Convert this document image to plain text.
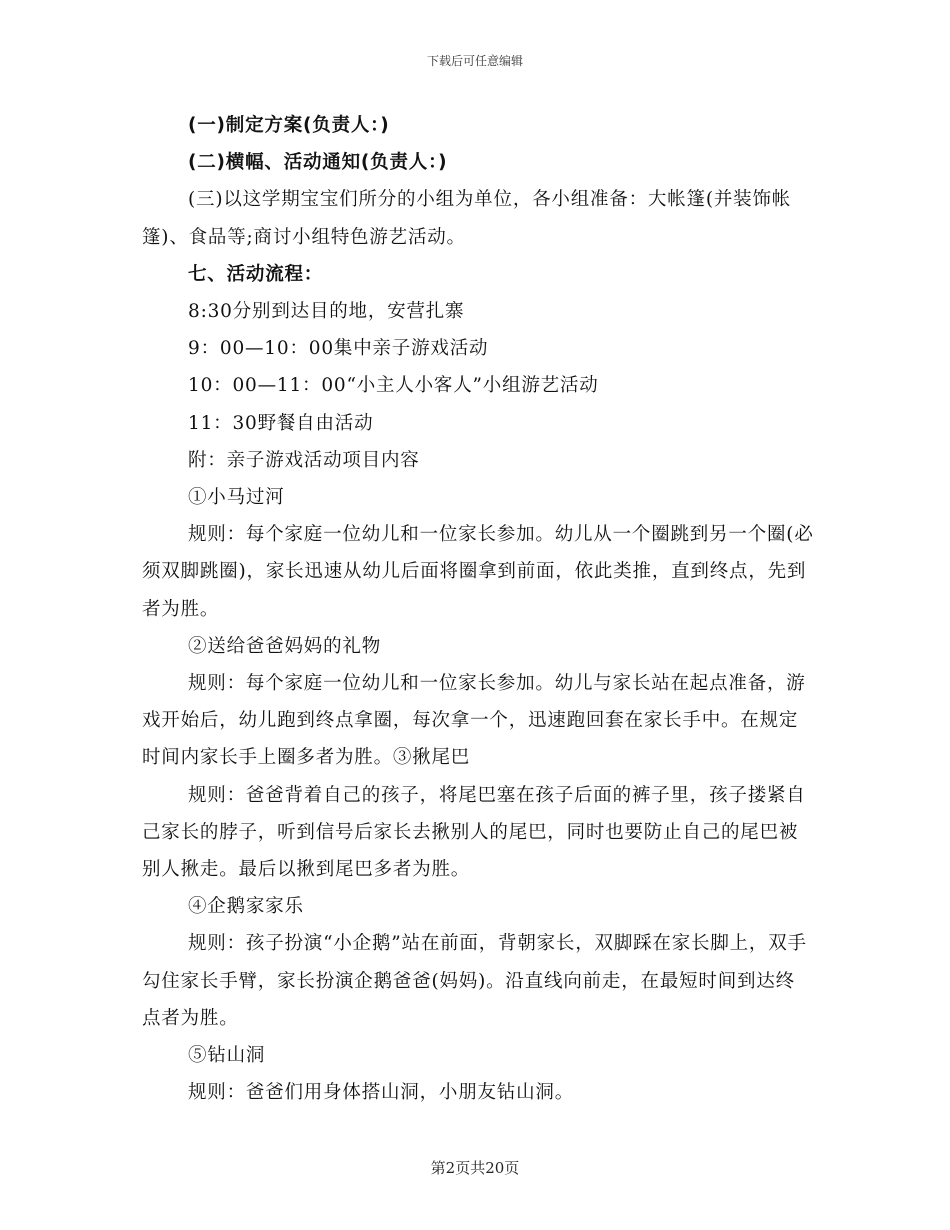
下载后可任意编辑

(一)制定方案(负责人：)

(二)横幅、活动通知(负责人：)

(三)以这学期宝宝们所分的小组为单位，各小组准备：大帐篷(并装饰帐篷)、食品等;商讨小组特色游艺活动。

七、活动流程：

8:30分别到达目的地，安营扎寨

9：00—10：00集中亲子游戏活动

10：00—11：00“小主人小客人”小组游艺活动

11：30野餐自由活动

附：亲子游戏活动项目内容

①小马过河

规则：每个家庭一位幼儿和一位家长参加。幼儿从一个圈跳到另一个圈(必须双脚跳圈)，家长迅速从幼儿后面将圈拿到前面，依此类推，直到终点，先到者为胜。

②送给爸爸妈妈的礼物

规则：每个家庭一位幼儿和一位家长参加。幼儿与家长站在起点准备，游戏开始后，幼儿跑到终点拿圈，每次拿一个，迅速跑回套在家长手中。在规定时间内家长手上圈多者为胜。③揪尾巴

规则：爸爸背着自己的孩子，将尾巴塞在孩子后面的裤子里，孩子搂紧自己家长的脖子，听到信号后家长去揪别人的尾巴，同时也要防止自己的尾巴被别人揪走。最后以揪到尾巴多者为胜。

④企鹅家家乐

规则：孩子扮演“小企鹅”站在前面，背朝家长，双脚踩在家长脚上，双手勾住家长手臂，家长扮演企鹅爸爸(妈妈)。沿直线向前走，在最短时间到达终点者为胜。

⑤钻山洞

规则：爸爸们用身体搭山洞，小朋友钻山洞。

第2页共20页
